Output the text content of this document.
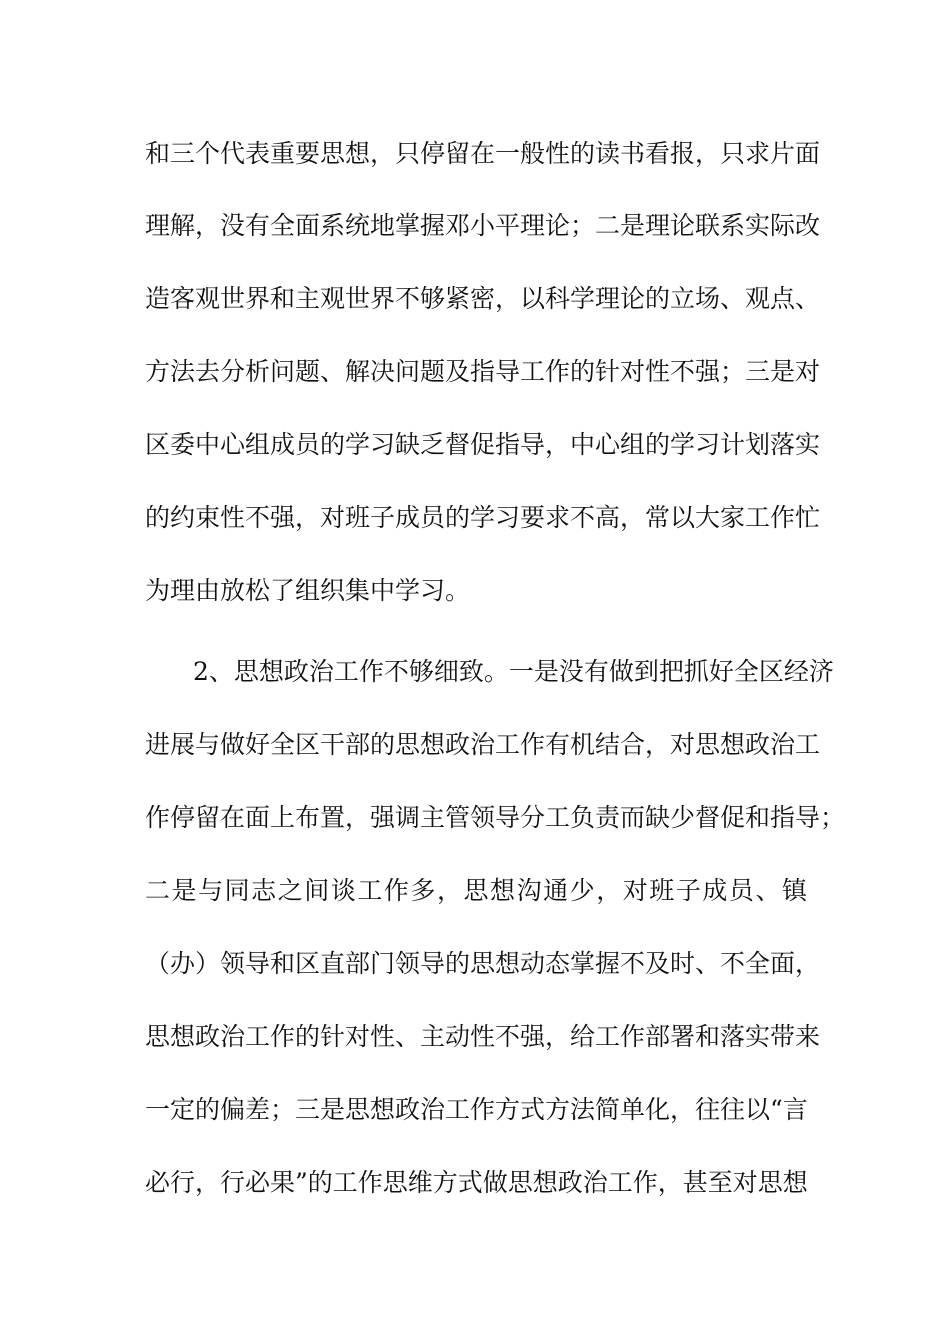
和三个代表重要思想，只停留在一般性的读书看报，只求片面
理解，没有全面系统地掌握邓小平理论；二是理论联系实际改
造客观世界和主观世界不够紧密，以科学理论的立场、观点、
方法去分析问题、解决问题及指导工作的针对性不强；三是对
区委中心组成员的学习缺乏督促指导，中心组的学习计划落实
的约束性不强，对班子成员的学习要求不高，常以大家工作忙
为理由放松了组织集中学习。
2、思想政治工作不够细致。一是没有做到把抓好全区经济
进展与做好全区干部的思想政治工作有机结合，对思想政治工
作停留在面上布置，强调主管领导分工负责而缺少督促和指导；
二是与同志之间谈工作多，思想沟通少，对班子成员、镇
（办）领导和区直部门领导的思想动态掌握不及时、不全面，
思想政治工作的针对性、主动性不强，给工作部署和落实带来
一定的偏差；三是思想政治工作方式方法简单化，往往以“言
必行，行必果”的工作思维方式做思想政治工作，甚至对思想
